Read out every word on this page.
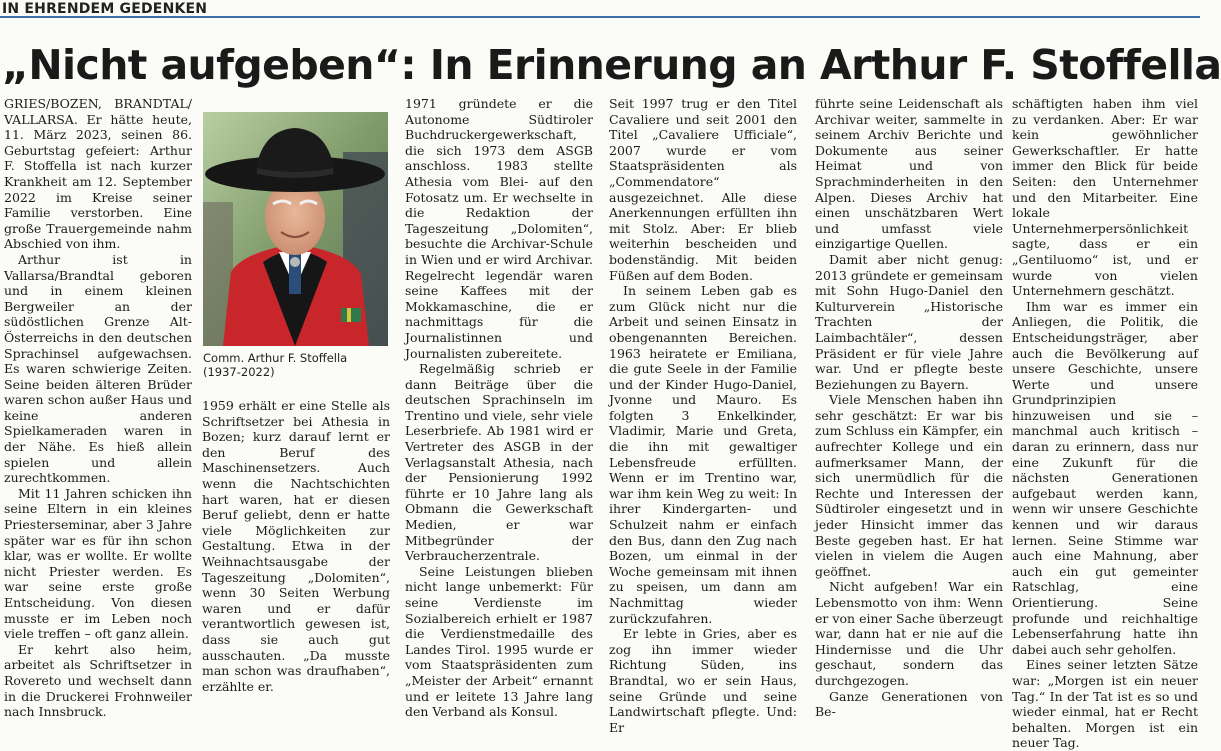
IN EHRENDEM GEDENKEN
„Nicht aufgeben“: In Erinnerung an Arthur F. Stoffella

GRIES/BOZEN, BRANDTAL/ VALLARSA. Er hätte heute, 11. März 2023, seinen 86. Geburtstag gefeiert: Arthur F. Stoffella ist nach kurzer Krankheit am 12. September 2022 im Kreise seiner Familie verstorben. Eine große Trauergemeinde nahm Abschied von ihm.

Arthur ist in Vallarsa/Brandtal geboren und in einem kleinen Bergweiler an der südöstlichen Grenze Alt-Österreichs in den deutschen Sprachinsel aufgewachsen. Es waren schwierige Zeiten. Seine beiden älteren Brüder waren schon außer Haus und keine anderen Spielkameraden waren in der Nähe. Es hieß allein spielen und allein zurechtkommen.

Mit 11 Jahren schicken ihn seine Eltern in ein kleines Priesterseminar, aber 3 Jahre später war es für ihn schon klar, was er wollte. Er wollte nicht Priester werden. Es war seine erste große Entscheidung. Von diesen musste er im Leben noch viele treffen – oft ganz allein.

Er kehrt also heim, arbeitet als Schriftsetzer in Rovereto und wechselt dann in die Druckerei Frohnweiler nach Innsbruck.

Comm. Arthur F. Stoffella
(1937-2022)

1959 erhält er eine Stelle als Schriftsetzer bei Athesia in Bozen; kurz darauf lernt er den Beruf des Maschinensetzers. Auch wenn die Nachtschichten hart waren, hat er diesen Beruf geliebt, denn er hatte viele Möglichkeiten zur Gestaltung. Etwa in der Weihnachtsausgabe der Tageszeitung „Dolomiten“, wenn 30 Seiten Werbung waren und er dafür verantwortlich gewesen ist, dass sie auch gut ausschauten. „Da musste man schon was draufhaben“, erzählte er.

1971 gründete er die Autonome Südtiroler Buchdruckergewerkschaft, die sich 1973 dem ASGB anschloss. 1983 stellte Athesia vom Blei- auf den Fotosatz um. Er wechselte in die Redaktion der Tageszeitung „Dolomiten“, besuchte die Archivar-Schule in Wien und er wird Archivar. Regelrecht legendär waren seine Kaffees mit der Mokkamaschine, die er nachmittags für die Journalistinnen und Journalisten zubereitete.

Regelmäßig schrieb er dann Beiträge über die deutschen Sprachinseln im Trentino und viele, sehr viele Leserbriefe. Ab 1981 wird er Vertreter des ASGB in der Verlagsanstalt Athesia, nach der Pensionierung 1992 führte er 10 Jahre lang als Obmann die Gewerkschaft Medien, er war Mitbegründer der Verbraucherzentrale.

Seine Leistungen blieben nicht lange unbemerkt: Für seine Verdienste im Sozialbereich erhielt er 1987 die Verdienstmedaille des Landes Tirol. 1995 wurde er vom Staatspräsidenten zum „Meister der Arbeit“ ernannt und er leitete 13 Jahre lang den Verband als Konsul.

Seit 1997 trug er den Titel Cavaliere und seit 2001 den Titel „Cavaliere Ufficiale“, 2007 wurde er vom Staatspräsidenten als „Commendatore“ ausgezeichnet. Alle diese Anerkennungen erfüllten ihn mit Stolz. Aber: Er blieb weiterhin bescheiden und bodenständig. Mit beiden Füßen auf dem Boden.

In seinem Leben gab es zum Glück nicht nur die Arbeit und seinen Einsatz in obengenannten Bereichen. 1963 heiratete er Emiliana, die gute Seele in der Familie und der Kinder Hugo-Daniel, Jvonne und Mauro. Es folgten 3 Enkelkinder, Vladimir, Marie und Greta, die ihn mit gewaltiger Lebensfreude erfüllten. Wenn er im Trentino war, war ihm kein Weg zu weit: In ihrer Kindergarten- und Schulzeit nahm er einfach den Bus, dann den Zug nach Bozen, um einmal in der Woche gemeinsam mit ihnen zu speisen, um dann am Nachmittag wieder zurückzufahren.

Er lebte in Gries, aber es zog ihn immer wieder Richtung Süden, ins Brandtal, wo er sein Haus, seine Gründe und seine Landwirtschaft pflegte. Und: Er

führte seine Leidenschaft als Archivar weiter, sammelte in seinem Archiv Berichte und Dokumente aus seiner Heimat und von Sprachminderheiten in den Alpen. Dieses Archiv hat einen unschätzbaren Wert und umfasst viele einzigartige Quellen.

Damit aber nicht genug: 2013 gründete er gemeinsam mit Sohn Hugo-Daniel den Kulturverein „Historische Trachten der Laimbachtäler“, dessen Präsident er für viele Jahre war. Und er pflegte beste Beziehungen zu Bayern.

Viele Menschen haben ihn sehr geschätzt: Er war bis zum Schluss ein Kämpfer, ein aufrechter Kollege und ein aufmerksamer Mann, der sich unermüdlich für die Rechte und Interessen der Südtiroler eingesetzt und in jeder Hinsicht immer das Beste gegeben hast. Er hat vielen in vielem die Augen geöffnet.

Nicht aufgeben! War ein Lebensmotto von ihm: Wenn er von einer Sache überzeugt war, dann hat er nie auf die Hindernisse und die Uhr geschaut, sondern das durchgezogen.

Ganze Generationen von Be-

schäftigten haben ihm viel zu verdanken. Aber: Er war kein gewöhnlicher Gewerkschaftler. Er hatte immer den Blick für beide Seiten: den Unternehmer und den Mitarbeiter. Eine lokale Unternehmerpersönlichkeit sagte, dass er ein „Gentiluomo“ ist, und er wurde von vielen Unternehmern geschätzt.

Ihm war es immer ein Anliegen, die Politik, die Entscheidungsträger, aber auch die Bevölkerung auf unsere Geschichte, unsere Werte und unsere Grundprinzipien hinzuweisen und sie – manchmal auch kritisch – daran zu erinnern, dass nur eine Zukunft für die nächsten Generationen aufgebaut werden kann, wenn wir unsere Geschichte kennen und wir daraus lernen. Seine Stimme war auch eine Mahnung, aber auch ein gut gemeinter Ratschlag, eine Orientierung. Seine profunde und reichhaltige Lebenserfahrung hatte ihn dabei auch sehr geholfen.

Eines seiner letzten Sätze war: „Morgen ist ein neuer Tag.“ In der Tat ist es so und wieder einmal, hat er Recht behalten. Morgen ist ein neuer Tag.
